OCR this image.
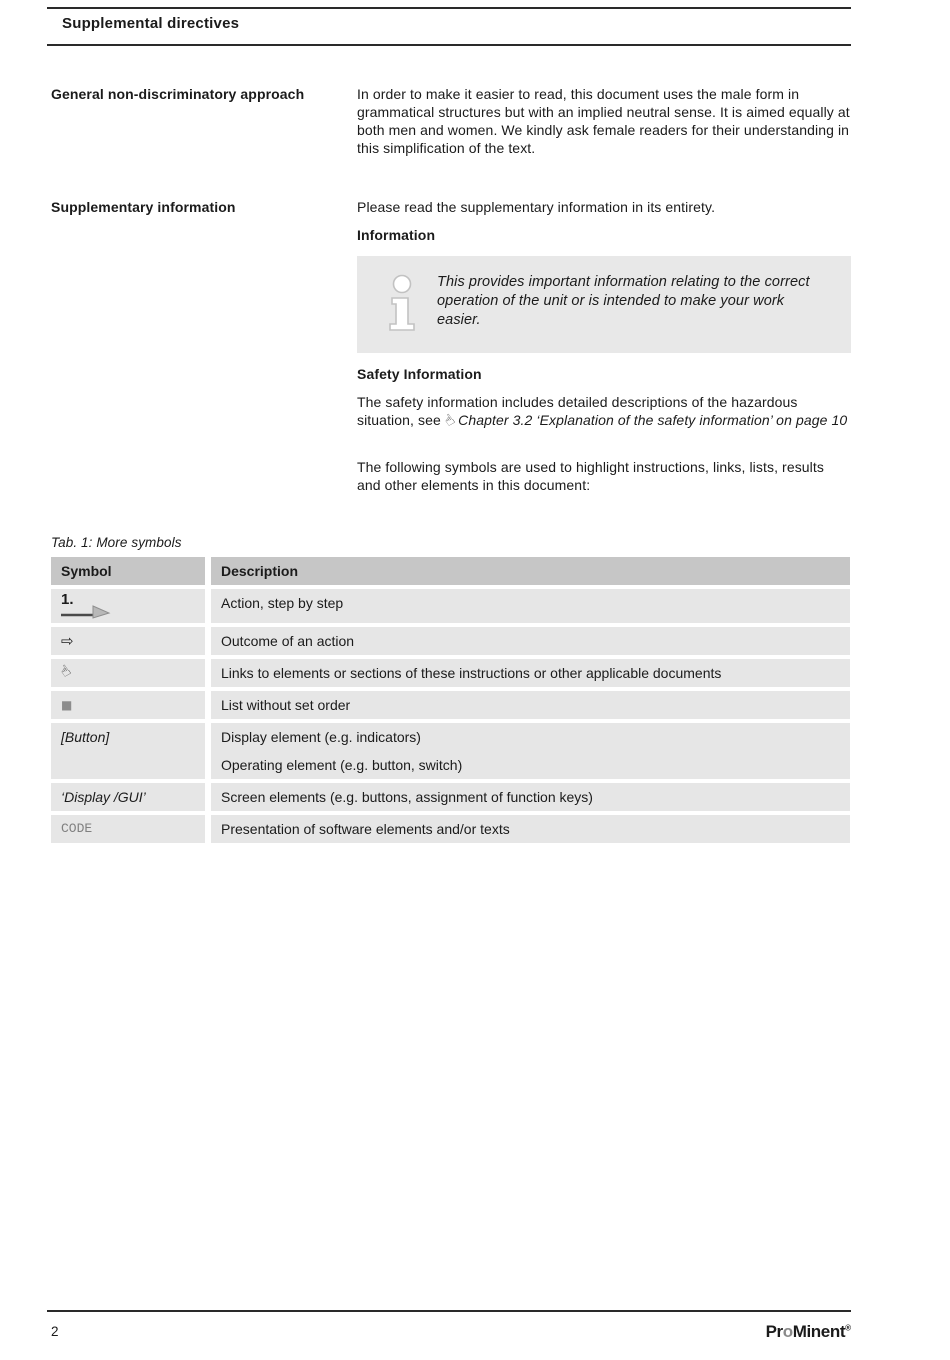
Supplemental directives
General non-discriminatory approach	In order to make it easier to read, this document uses the male form in grammatical structures but with an implied neutral sense. It is aimed equally at both men and women. We kindly ask female readers for their understanding in this simplification of the text.

Supplementary information	Please read the supplementary information in its entirety.

Information
This provides important information relating to the correct operation of the unit or is intended to make your work easier.
Safety Information

The safety information includes detailed descriptions of the hazardous situation, see ☝ Chapter 3.2 ‘Explanation of the safety information’ on page 10

The following symbols are used to highlight instructions, links, lists, results and other elements in this document:

Tab. 1: More symbols
Symbol	Description
1.	Action, step by step

⇨	Outcome of an action

☝	Links to elements or sections of these instructions or other applicable documents

■	List without set order

[Button]	Display element (e.g. indicators)

Operating element (e.g. button, switch)

‘Display /GUI’	Screen elements (e.g. buttons, assignment of function keys)

CODE	Presentation of software elements and/or texts

2	ProMinent®
